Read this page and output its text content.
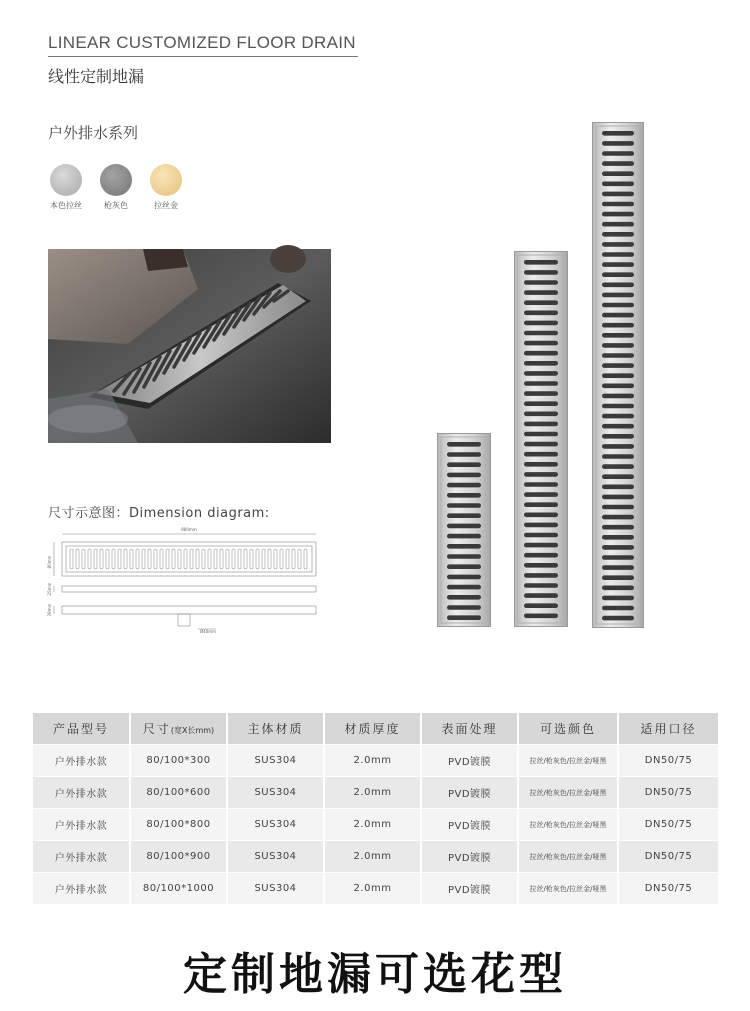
LINEAR CUSTOMIZED FLOOR DRAIN
线性定制地漏
户外排水系列
本色拉丝	枪灰色	拉丝金
尺寸示意图：Dimension diagram:
880mm
80mm
25mm
39mm
Ø40mm
产品型号	尺寸(宽X长mm)	主体材质	材质厚度	表面处理	可选颜色	适用口径
户外排水款	80/100*300	SUS304	2.0mm	PVD镀膜	拉丝/枪灰色/拉丝金/哑黑	DN50/75
户外排水款	80/100*600	SUS304	2.0mm	PVD镀膜	拉丝/枪灰色/拉丝金/哑黑	DN50/75
户外排水款	80/100*800	SUS304	2.0mm	PVD镀膜	拉丝/枪灰色/拉丝金/哑黑	DN50/75
户外排水款	80/100*900	SUS304	2.0mm	PVD镀膜	拉丝/枪灰色/拉丝金/哑黑	DN50/75
户外排水款	80/100*1000	SUS304	2.0mm	PVD镀膜	拉丝/枪灰色/拉丝金/哑黑	DN50/75
定制地漏可选花型
